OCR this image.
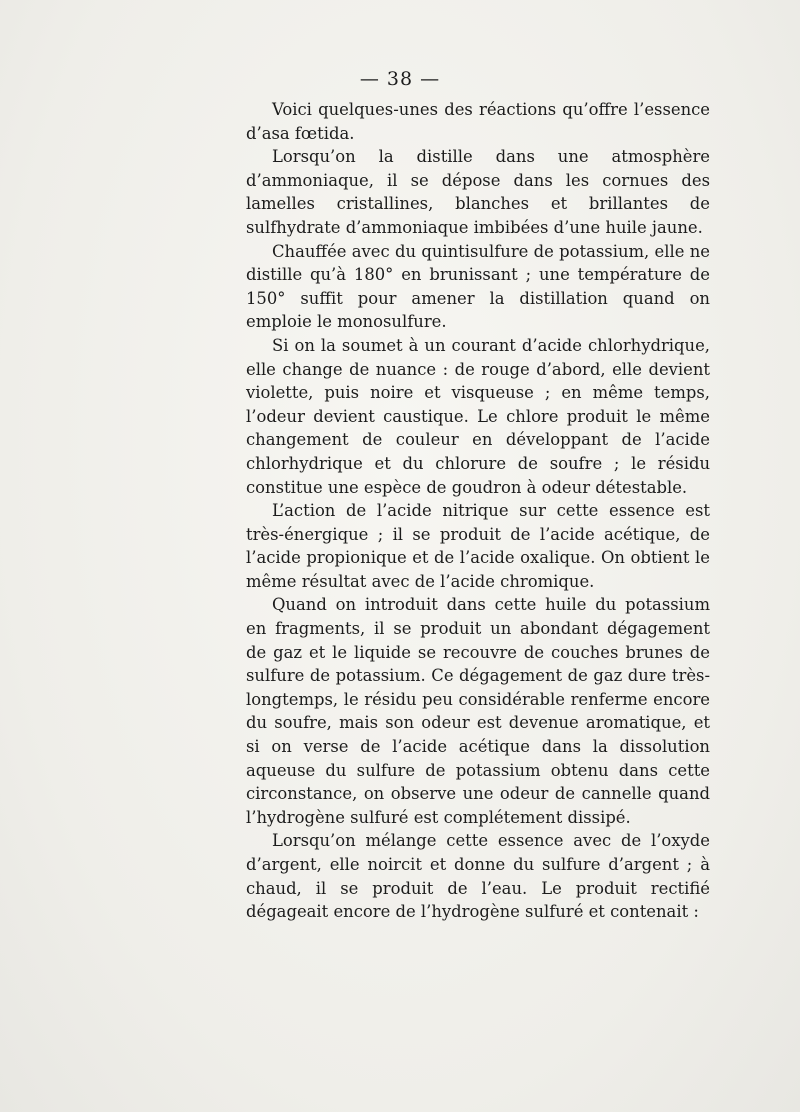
— 38 —

Voici quelques-unes des réactions qu’offre l’essence d’asa fœtida.

Lorsqu’on la distille dans une atmosphère d’ammoniaque, il se dépose dans les cornues des lamelles cristallines, blanches et brillantes de sulfhydrate d’ammoniaque imbibées d’une huile jaune.

Chauffée avec du quintisulfure de potassium, elle ne distille qu’à 180° en brunissant ; une température de 150° suffit pour amener la distillation quand on emploie le monosulfure.

Si on la soumet à un courant d’acide chlorhydrique, elle change de nuance : de rouge d’abord, elle devient violette, puis noire et visqueuse ; en même temps, l’odeur devient caustique. Le chlore produit le même changement de couleur en développant de l’acide chlorhydrique et du chlorure de soufre ; le résidu constitue une espèce de goudron à odeur détestable.

L’action de l’acide nitrique sur cette essence est très-énergique ; il se produit de l’acide acétique, de l’acide propionique et de l’acide oxalique. On obtient le même résultat avec de l’acide chromique.

Quand on introduit dans cette huile du potassium en fragments, il se produit un abondant dégagement de gaz et le liquide se recouvre de couches brunes de sulfure de potassium. Ce dégagement de gaz dure très-longtemps, le résidu peu considérable renferme encore du soufre, mais son odeur est devenue aromatique, et si on verse de l’acide acétique dans la dissolution aqueuse du sulfure de potassium obtenu dans cette circonstance, on observe une odeur de cannelle quand l’hydrogène sulfuré est complétement dissipé.

Lorsqu’on mélange cette essence avec de l’oxyde d’argent, elle noircit et donne du sulfure d’argent ; à chaud, il se produit de l’eau. Le produit rectifié dégageait encore de l’hydrogène sulfuré et contenait :
